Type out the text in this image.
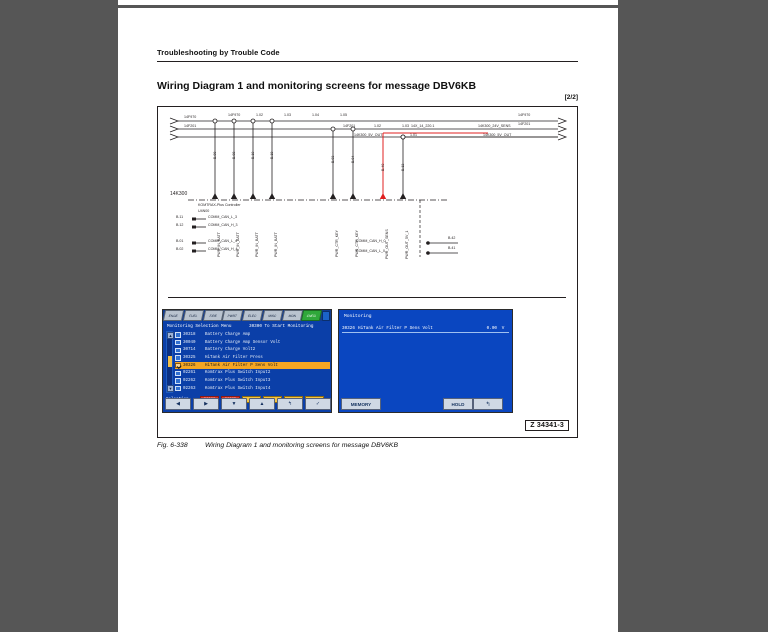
Troubleshooting by Trouble Code
Wiring Diagram 1 and monitoring screens for message DBV6KB
[2/2]
14F970
14F201
14F970
14F201
1.02	1.03	1.04	1.05
1.02	1.03
1.01
14X_14_220.1
14K300_5V_OUT
14K300_24V_SENS
14K300_5V_OUT
14F970
14F201
14K300
KOMTRAX-Plus Controller
U4N00
B.11
B.12
B.01
B.02
COMM_CAN_L_3
COMM_CAN_H_3
COMM_CAN_L_4
COMM_CAN_H_4
COMM_CAN_H_0
COMM_CAN_L_0
B.42
B.41
B.09	B.08	B.10	B.19
B.03	B.04
B.40	B.13
PWR_IN_BATT	PWR_IN_BATT	PWR_IN_BATT	PWR_IN_BATT	PWR_CTR_KEY	PWR_CTR_KEY	PWR_OUT_SENS	PWR_OUT_5V_1
ENGE	FUEL	FIRE	PWRT	ELEC	MISC	MON	CNFG
Monitoring Selection Menu	30300 To Start Monitoring
▲
▼
30318	Battery Charge Amp
30040	Battery Charge Amp Sensor Volt
30714	Battery Charge Volt2
30325	HiTank Air Filter Press
30326	HiTank Air Filter P Sens Volt
02261	Komtrax Plus Switch Input2
02262	Komtrax Plus Switch Input3
02263	Komtrax Plus Switch Input4
◀	▶	▼	▲	↰	✓
Monitoring
30326 HiTank Air Filter P Sens Volt	0.00	V
MEMORY	HOLD	↰
Z 34341-3
Fig. 6-338	Wiring Diagram 1 and monitoring screens for message DBV6KB
